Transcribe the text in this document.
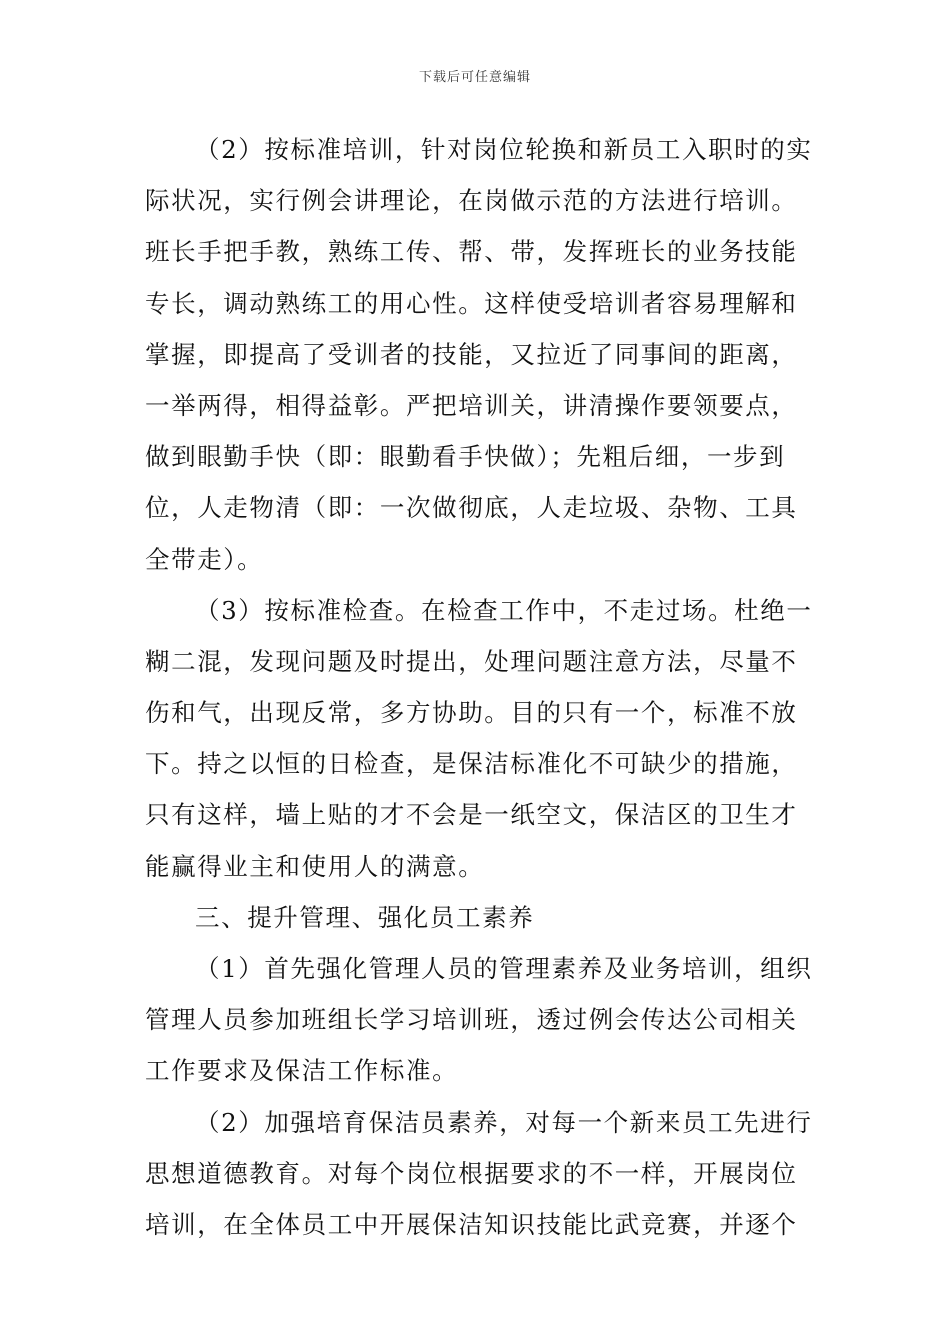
下载后可任意编辑
（2）按标准培训，针对岗位轮换和新员工入职时的实
际状况，实行例会讲理论，在岗做示范的方法进行培训。
班长手把手教，熟练工传、帮、带，发挥班长的业务技能
专长，调动熟练工的用心性。这样使受培训者容易理解和
掌握，即提高了受训者的技能，又拉近了同事间的距离，
一举两得，相得益彰。严把培训关，讲清操作要领要点，
做到眼勤手快（即：眼勤看手快做）；先粗后细，一步到
位，人走物清（即：一次做彻底，人走垃圾、杂物、工具
全带走）。
（3）按标准检查。在检查工作中，不走过场。杜绝一
糊二混，发现问题及时提出，处理问题注意方法，尽量不
伤和气，出现反常，多方协助。目的只有一个，标准不放
下。持之以恒的日检查，是保洁标准化不可缺少的措施，
只有这样，墙上贴的才不会是一纸空文，保洁区的卫生才
能赢得业主和使用人的满意。
三、提升管理、强化员工素养
（1）首先强化管理人员的管理素养及业务培训，组织
管理人员参加班组长学习培训班，透过例会传达公司相关
工作要求及保洁工作标准。
（2）加强培育保洁员素养，对每一个新来员工先进行
思想道德教育。对每个岗位根据要求的不一样，开展岗位
培训，在全体员工中开展保洁知识技能比武竞赛，并逐个
